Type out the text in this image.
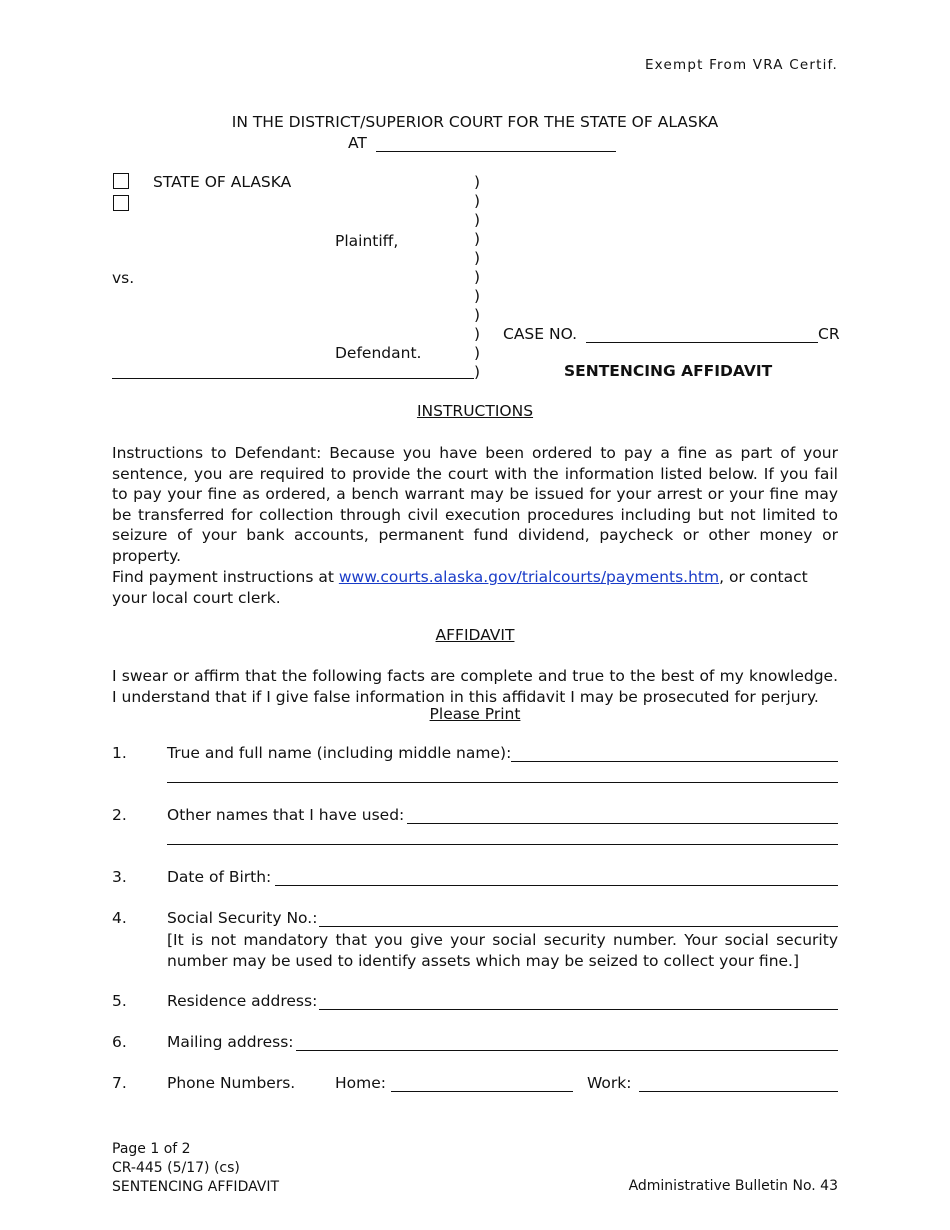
Exempt From VRA Certif.
IN THE DISTRICT/SUPERIOR COURT FOR THE STATE OF ALASKA
AT
STATE OF ALASKA
Plaintiff,
vs.
Defendant.
)
)
)
)
)
)
)
)
)
)
)
CASE NO.	CR
SENTENCING AFFIDAVIT
INSTRUCTIONS
Instructions to Defendant: Because you have been ordered to pay a fine as part of your sentence, you are required to provide the court with the information listed below. If you fail to pay your fine as ordered, a bench warrant may be issued for your arrest or your fine may be transferred for collection through civil execution procedures including but not limited to seizure of your bank accounts, permanent fund dividend, paycheck or other money or property.
Find payment instructions at www.courts.alaska.gov/trialcourts/payments.htm, or contact your local court clerk.
AFFIDAVIT
I swear or affirm that the following facts are complete and true to the best of my knowledge. I understand that if I give false information in this affidavit I may be prosecuted for perjury.
Please Print
1.	True and full name (including middle name):
2.	Other names that I have used:
3.	Date of Birth:
4.	Social Security No.:
[It is not mandatory that you give your social security number. Your social security number may be used to identify assets which may be seized to collect your fine.]
5.	Residence address:
6.	Mailing address:
7.	Phone Numbers.	Home:	Work:
Page 1 of 2
CR-445 (5/17) (cs)
SENTENCING AFFIDAVIT	Administrative Bulletin No. 43
